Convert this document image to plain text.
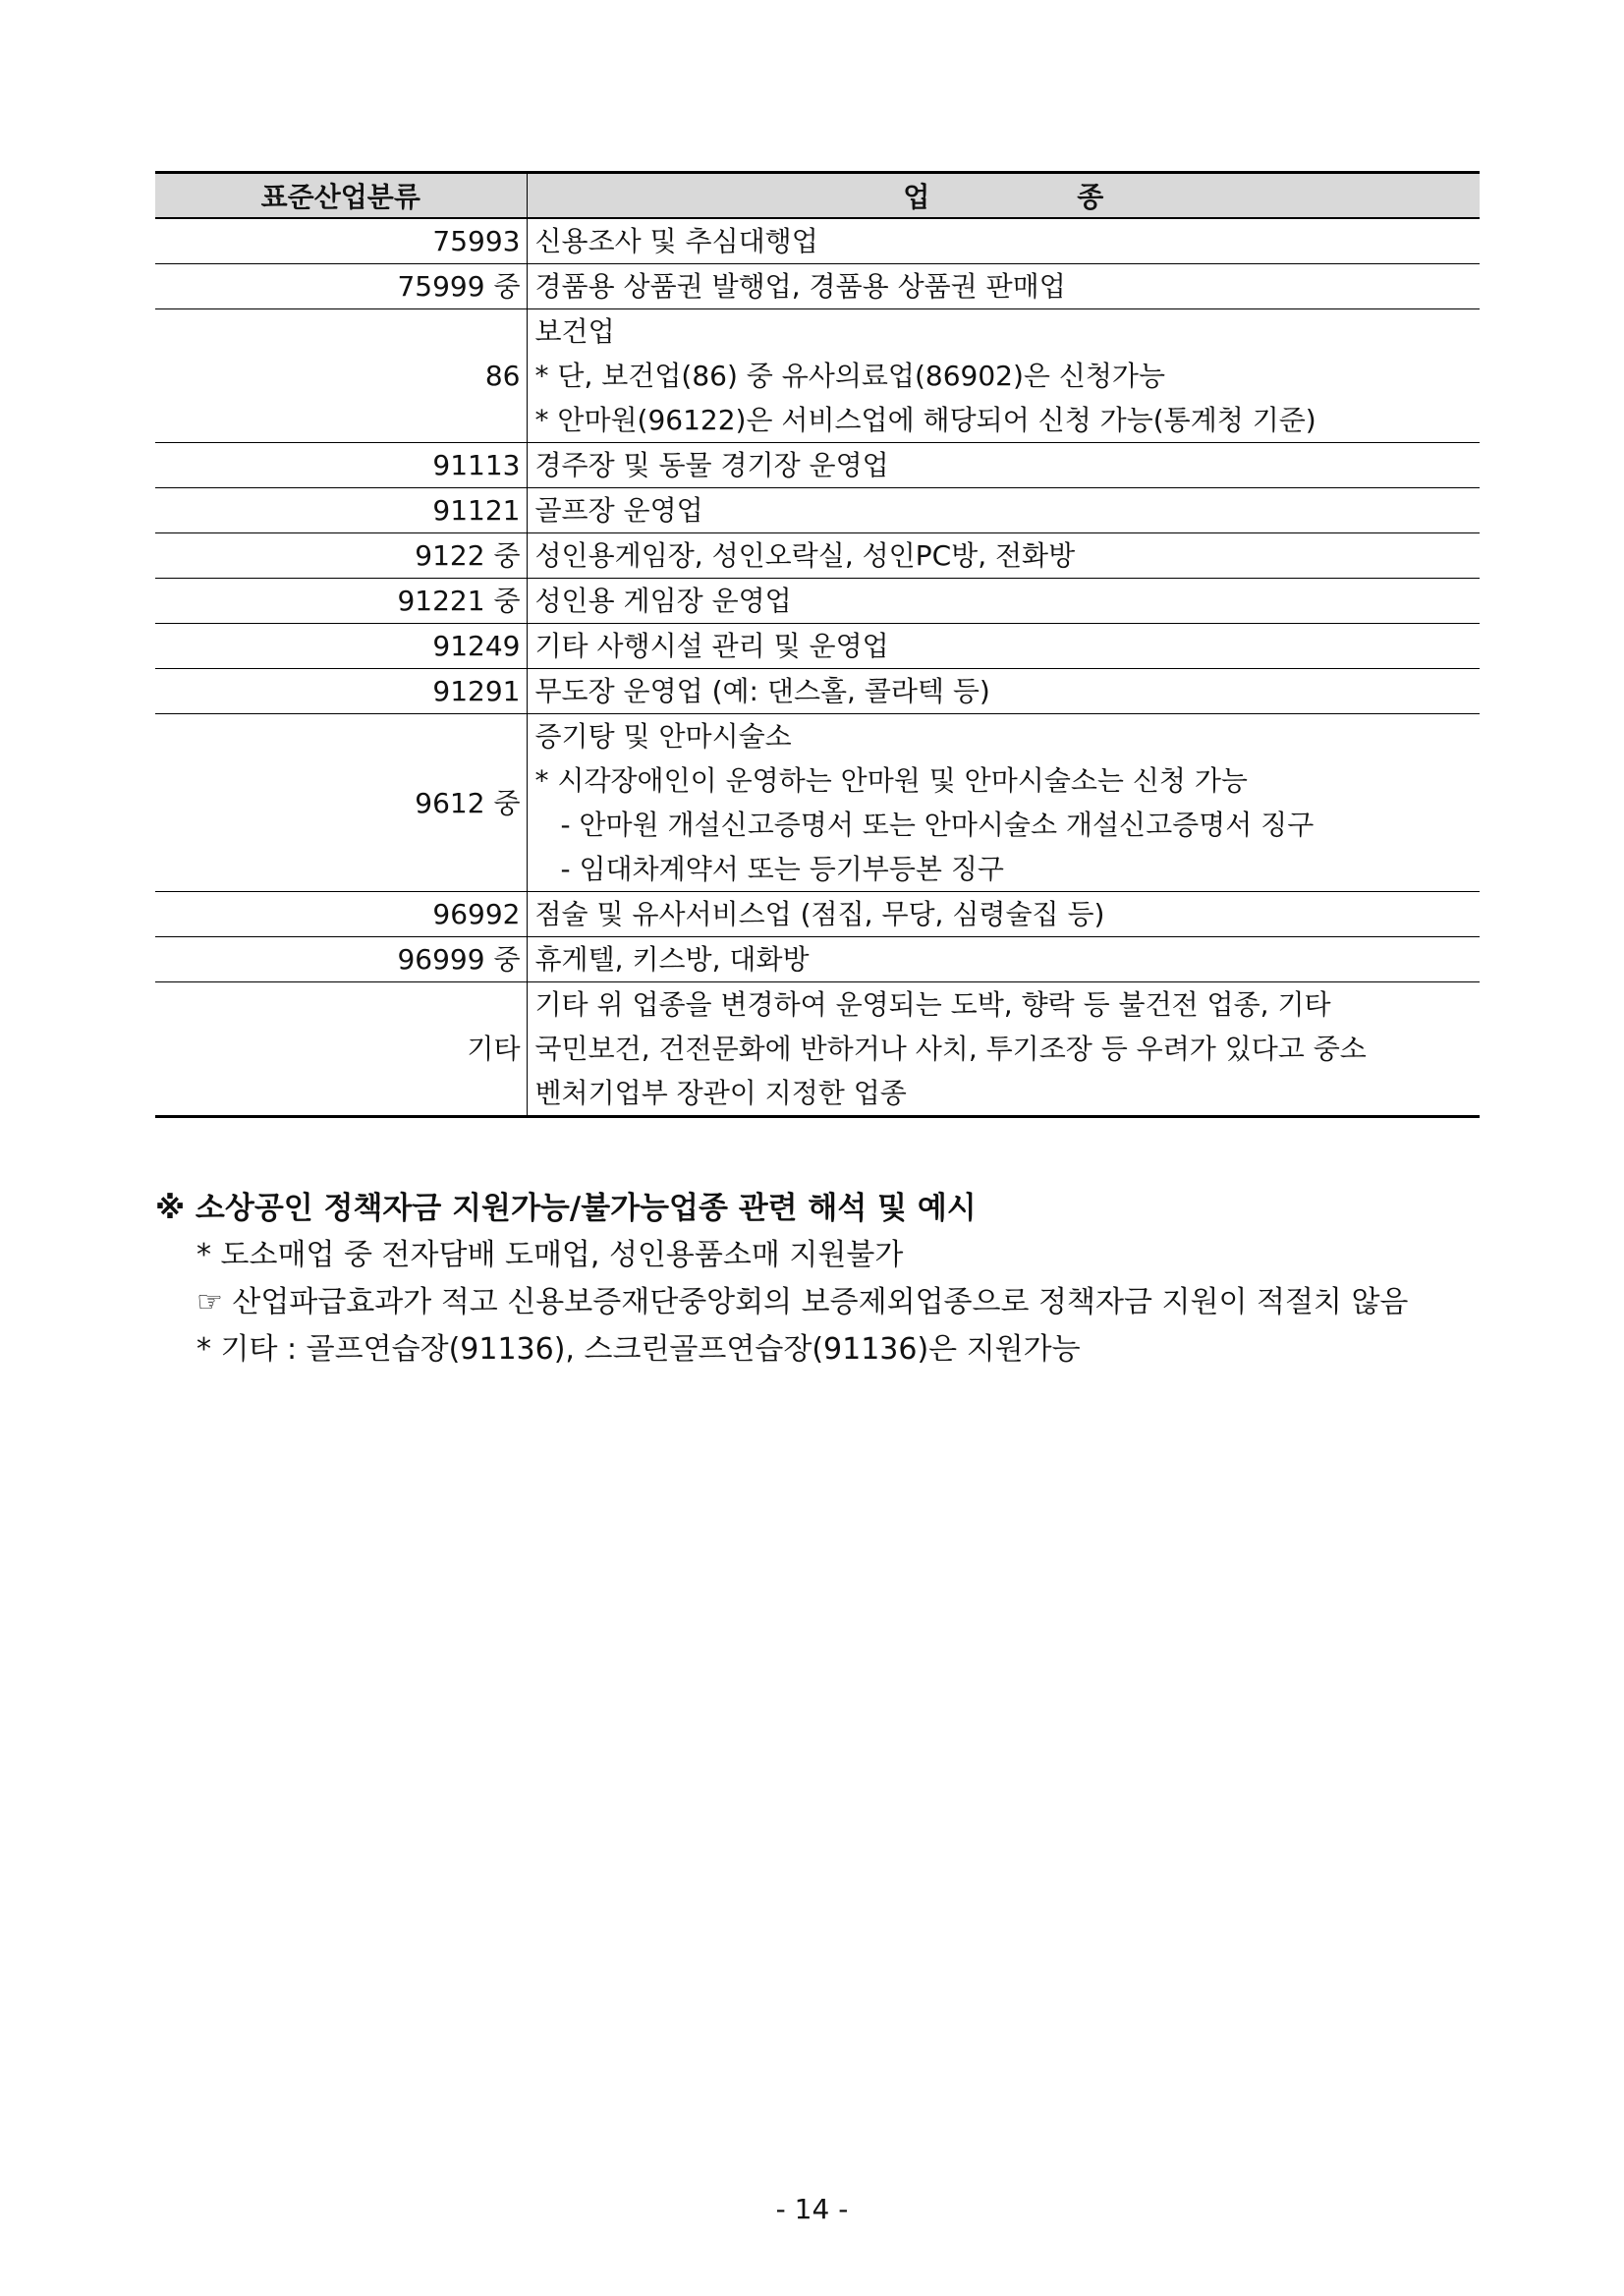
표준산업분류	업 종
75993	신용조사 및 추심대행업

75999 중	경품용 상품권 발행업, 경품용 상품권 판매업

86	보건업
* 단, 보건업(86) 중 유사의료업(86902)은 신청가능
* 안마원(96122)은 서비스업에 해당되어 신청 가능(통계청 기준)

91113	경주장 및 동물 경기장 운영업

91121	골프장 운영업

9122 중	성인용게임장, 성인오락실, 성인PC방, 전화방

91221 중	성인용 게임장 운영업

91249	기타 사행시설 관리 및 운영업

91291	무도장 운영업 (예: 댄스홀, 콜라텍 등)

9612 중	증기탕 및 안마시술소
* 시각장애인이 운영하는 안마원 및 안마시술소는 신청 가능
- 안마원 개설신고증명서 또는 안마시술소 개설신고증명서 징구
- 임대차계약서 또는 등기부등본 징구

96992	점술 및 유사서비스업 (점집, 무당, 심령술집 등)

96999 중	휴게텔, 키스방, 대화방

기타	기타 위 업종을 변경하여 운영되는 도박, 향락 등 불건전 업종, 기타
국민보건, 건전문화에 반하거나 사치, 투기조장 등 우려가 있다고 중소
벤처기업부 장관이 지정한 업종
※ 소상공인 정책자금 지원가능/불가능업종 관련 해석 및 예시
* 도소매업 중 전자담배 도매업, 성인용품소매 지원불가
☞ 산업파급효과가 적고 신용보증재단중앙회의 보증제외업종으로 정책자금 지원이 적절치 않음
* 기타 : 골프연습장(91136), 스크린골프연습장(91136)은 지원가능
- 14 -
